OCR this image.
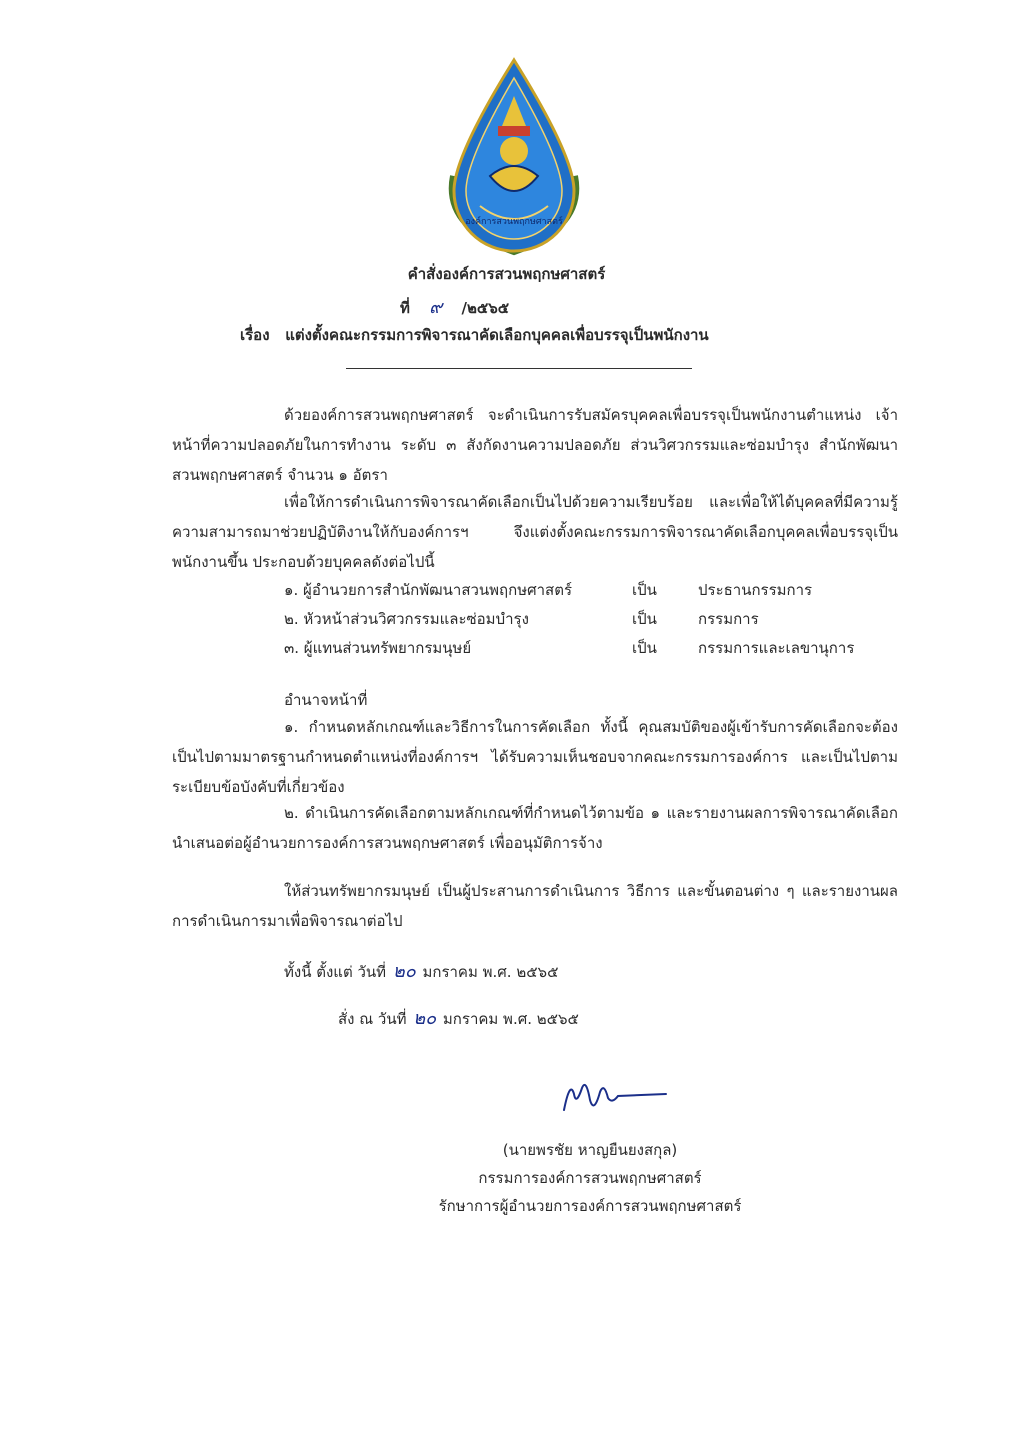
องค์การสวนพฤกษศาสตร์
คำสั่งองค์การสวนพฤกษศาสตร์
ที่ ๙ /๒๕๖๕
เรื่อง แต่งตั้งคณะกรรมการพิจารณาคัดเลือกบุคคลเพื่อบรรจุเป็นพนักงาน
ด้วยองค์การสวนพฤกษศาสตร์ จะดำเนินการรับสมัครบุคคลเพื่อบรรจุเป็นพนักงานตำแหน่ง เจ้าหน้าที่ความปลอดภัยในการทำงาน ระดับ ๓ สังกัดงานความปลอดภัย ส่วนวิศวกรรมและซ่อมบำรุง สำนักพัฒนาสวนพฤกษศาสตร์ จำนวน ๑ อัตรา
เพื่อให้การดำเนินการพิจารณาคัดเลือกเป็นไปด้วยความเรียบร้อย และเพื่อให้ได้บุคคลที่มีความรู้ความสามารถมาช่วยปฏิบัติงานให้กับองค์การฯ จึงแต่งตั้งคณะกรรมการพิจารณาคัดเลือกบุคคลเพื่อบรรจุเป็นพนักงานขึ้น ประกอบด้วยบุคคลดังต่อไปนี้
๑. ผู้อำนวยการสำนักพัฒนาสวนพฤกษศาสตร์	เป็น	ประธานกรรมการ
๒. หัวหน้าส่วนวิศวกรรมและซ่อมบำรุง	เป็น	กรรมการ
๓. ผู้แทนส่วนทรัพยากรมนุษย์	เป็น	กรรมการและเลขานุการ
อำนาจหน้าที่
๑. กำหนดหลักเกณฑ์และวิธีการในการคัดเลือก ทั้งนี้ คุณสมบัติของผู้เข้ารับการคัดเลือกจะต้องเป็นไปตามมาตรฐานกำหนดตำแหน่งที่องค์การฯ ได้รับความเห็นชอบจากคณะกรรมการองค์การ และเป็นไปตามระเบียบข้อบังคับที่เกี่ยวข้อง
๒. ดำเนินการคัดเลือกตามหลักเกณฑ์ที่กำหนดไว้ตามข้อ ๑ และรายงานผลการพิจารณาคัดเลือก นำเสนอต่อผู้อำนวยการองค์การสวนพฤกษศาสตร์ เพื่ออนุมัติการจ้าง
ให้ส่วนทรัพยากรมนุษย์ เป็นผู้ประสานการดำเนินการ วิธีการ และขั้นตอนต่าง ๆ และรายงานผลการดำเนินการมาเพื่อพิจารณาต่อไป
ทั้งนี้ ตั้งแต่ วันที่ ๒๐ มกราคม พ.ศ. ๒๕๖๕
สั่ง ณ วันที่ ๒๐ มกราคม พ.ศ. ๒๕๖๕
(นายพรชัย หาญยืนยงสกุล)
กรรมการองค์การสวนพฤกษศาสตร์
รักษาการผู้อำนวยการองค์การสวนพฤกษศาสตร์
